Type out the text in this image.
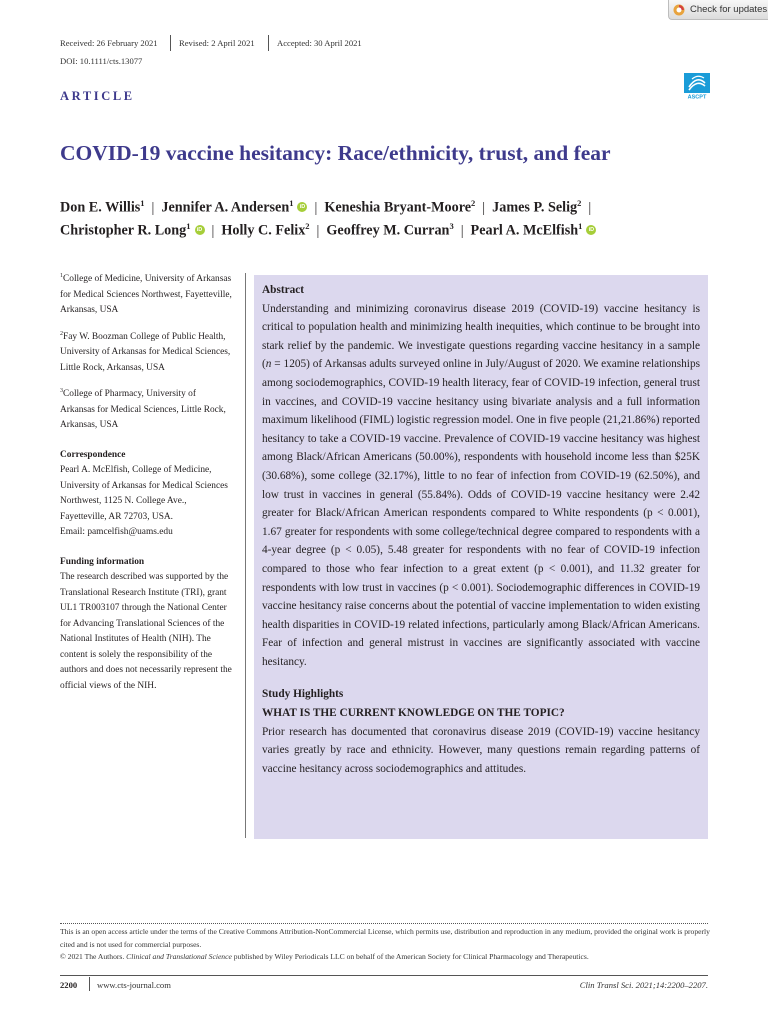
Check for updates
Received: 26 February 2021 Revised: 2 April 2021	Accepted: 30 April 2021
DOI: 10.1111/cts.13077
ASCPT
ARTICLE
COVID-19 vaccine hesitancy: Race/ethnicity, trust, and fear
Don E. Willis$^1$ | Jennifer A. Andersen$^1$ iD | Keneshia Bryant-Moore$^2$ | James P. Selig$^2$ |
Christopher R. Long$^1$ iD | Holly C. Felix$^2$ | Geoffrey M. Curran$^3$ | Pearl A. McElfish$^1$iD

$^1$College of Medicine, University of Arkansas for Medical Sciences Northwest, Fayetteville, Arkansas, USA

$^2$Fay W. Boozman College of Public Health, University of Arkansas for Medical Sciences, Little Rock, Arkansas, USA

$^3$College of Pharmacy, University of Arkansas for Medical Sciences, Little Rock, Arkansas, USA

Correspondence

Pearl A. McElfish, College of Medicine, University of Arkansas for Medical Sciences Northwest, 1125 N. College Ave., Fayetteville, AR 72703, USA.

Email: pamcelfish@uams.edu

Funding information

The research described was supported by the Translational Research Institute (TRI), grant UL1 TR003107 through the National Center for Advancing Translational Sciences of the National Institutes of Health (NIH). The content is solely the responsibility of the authors and does not necessarily represent the official views of the NIH.

Abstract
Understanding and minimizing coronavirus disease 2019 (COVID-19) vaccine hesitancy is critical to population health and minimizing health inequities, which continue to be brought into stark relief by the pandemic. We investigate questions regarding vaccine hesitancy in a sample (n = 1205) of Arkansas adults surveyed online in July/August of 2020. We examine relationships among sociodemographics, COVID-19 health literacy, fear of COVID-19 infection, general trust in vaccines, and COVID-19 vaccine hesitancy using bivariate analysis and a full information maximum likelihood (FIML) logistic regression model. One in five people (21,21.86%) reported hesitancy to take a COVID-19 vaccine. Prevalence of COVID-19 vaccine hesitancy was highest among Black/African Americans (50.00%), respondents with household income less than $25K (30.68%), some college (32.17%), little to no fear of infection from COVID-19 (62.50%), and low trust in vaccines in general (55.84%). Odds of COVID-19 vaccine hesitancy were 2.42 greater for Black/African American respondents compared to White respondents (p < 0.001), 1.67 greater for respondents with some college/technical degree compared to respondents with a 4-year degree (p < 0.05), 5.48 greater for respondents with no fear of COVID-19 infection compared to those who fear infection to a great extent (p < 0.001), and 11.32 greater for respondents with low trust in vaccines (p < 0.001). Sociodemographic differences in COVID-19 vaccine hesitancy raise concerns about the potential of vaccine implementation to widen existing health disparities in COVID-19 related infections, particularly among Black/African Americans. Fear of infection and general mistrust in vaccines are significantly associated with vaccine hesitancy.
Study Highlights
WHAT IS THE CURRENT KNOWLEDGE ON THE TOPIC?
Prior research has documented that coronavirus disease 2019 (COVID-19) vaccine hesitancy varies greatly by race and ethnicity. However, many questions remain regarding patterns of vaccine hesitancy across sociodemographics and attitudes.

This is an open access article under the terms of the Creative Commons Attribution-NonCommercial License, which permits use, distribution and reproduction in any medium, provided the original work is properly cited and is not used for commercial purposes.

© 2021 The Authors. Clinical and Translational Science published by Wiley Periodicals LLC on behalf of the American Society for Clinical Pharmacology and Therapeutics.

2200 www.cts-journal.com	Clin Transl Sci. 2021;14:2200–2207.
